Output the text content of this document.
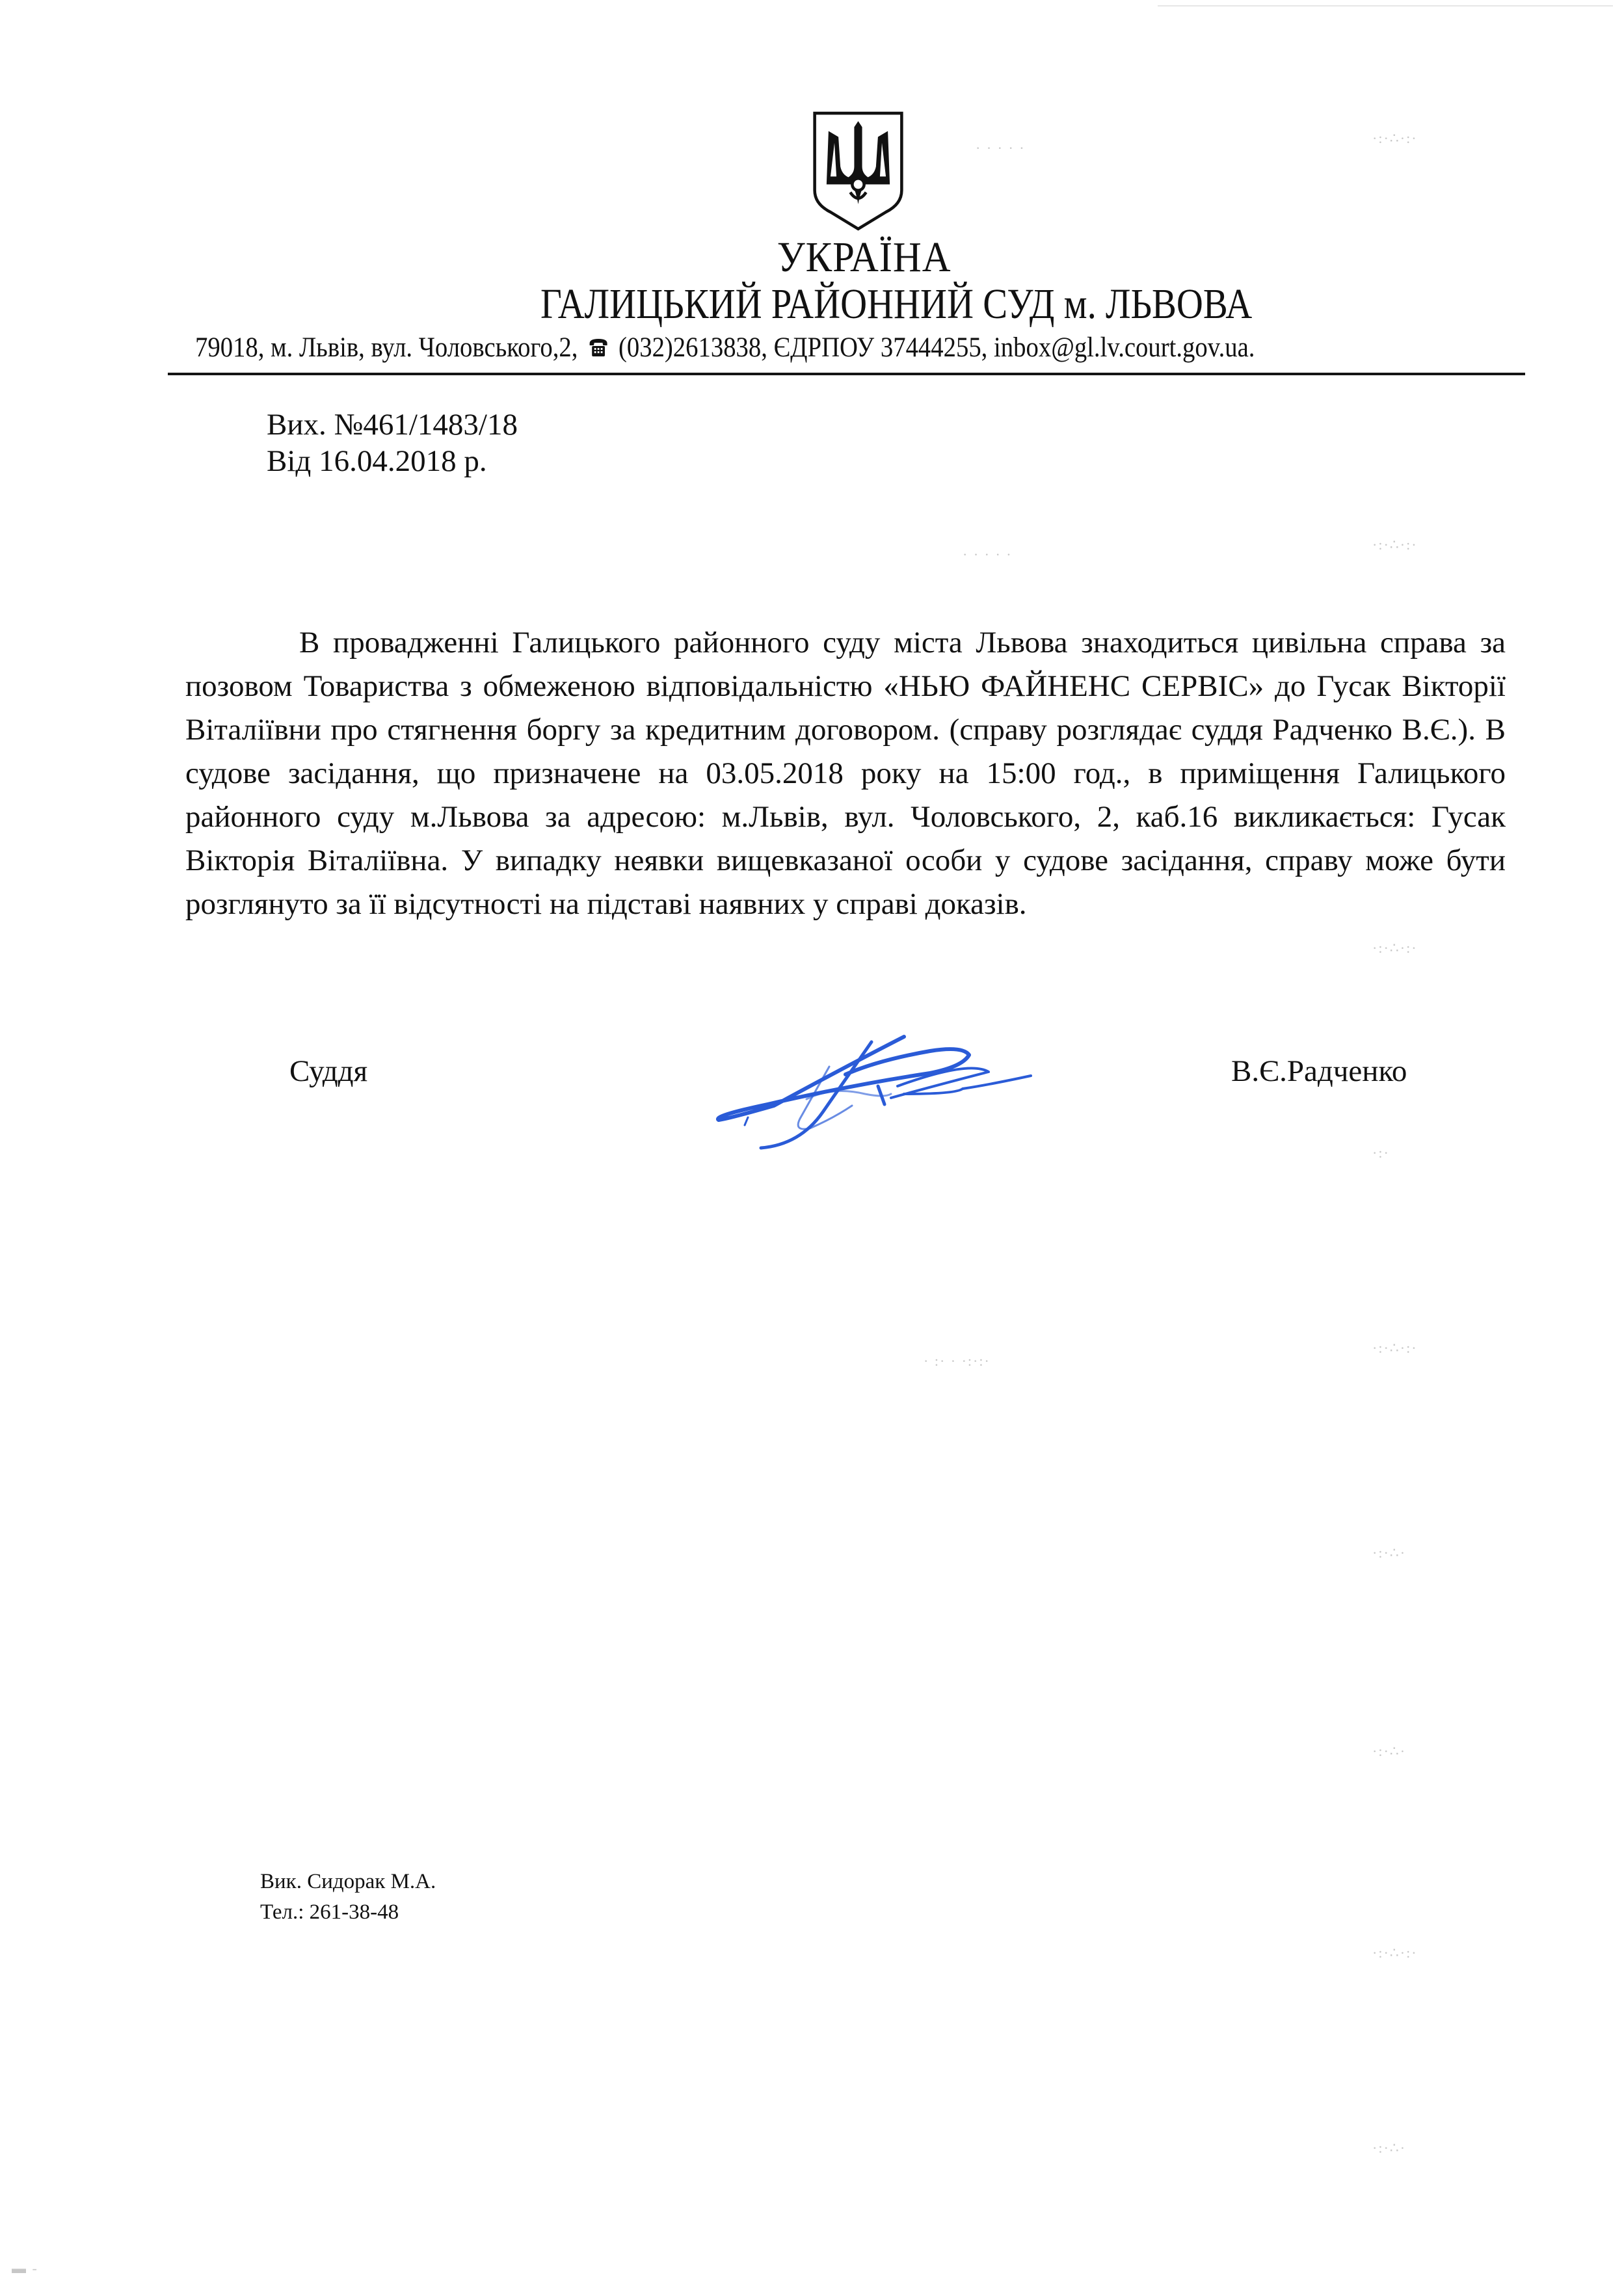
УКРАЇНА
ГАЛИЦЬКИЙ РАЙОННИЙ СУД м. ЛЬВОВА
79018, м. Львів, вул. Чоловського,2, (032)2613838, ЄДРПОУ 37444255, inbox@gl.lv.court.gov.ua.
Вих. №461/1483/18
Від 16.04.2018 р.

В провадженні Галицького районного суду міста Львова знаходиться цивільна справа за позовом Товариства з обмеженою відповідальністю «НЬЮ ФАЙНЕНС СЕРВІС» до Гусак Вікторії Віталіївни про стягнення боргу за кредитним договором. (справу розглядає суддя Радченко В.Є.). В судове засідання, що призначене на 03.05.2018 року на 15:00 год., в приміщення Галицького районного суду м.Львова за адресою: м.Львів, вул. Чоловського, 2, каб.16 викликається: Гусак Вікторія Віталіївна. У випадку неявки вищевказаної особи у судове засідання, справу може бути розглянуто за її відсутності на підставі наявних у справі доказів.

Суддя	В.Є.Радченко
Вик. Сидорак М.А.
Тел.: 261-38-48
·:·∴·:·
· · · · ·
·:·∴·:·
· · · · ·
·:·∴·:·
·:·
·:·∴·:·
· :· · ·:·:·
·:·∴·
·:·∴·
·:·∴·:·
·:·∴·
▬ -
